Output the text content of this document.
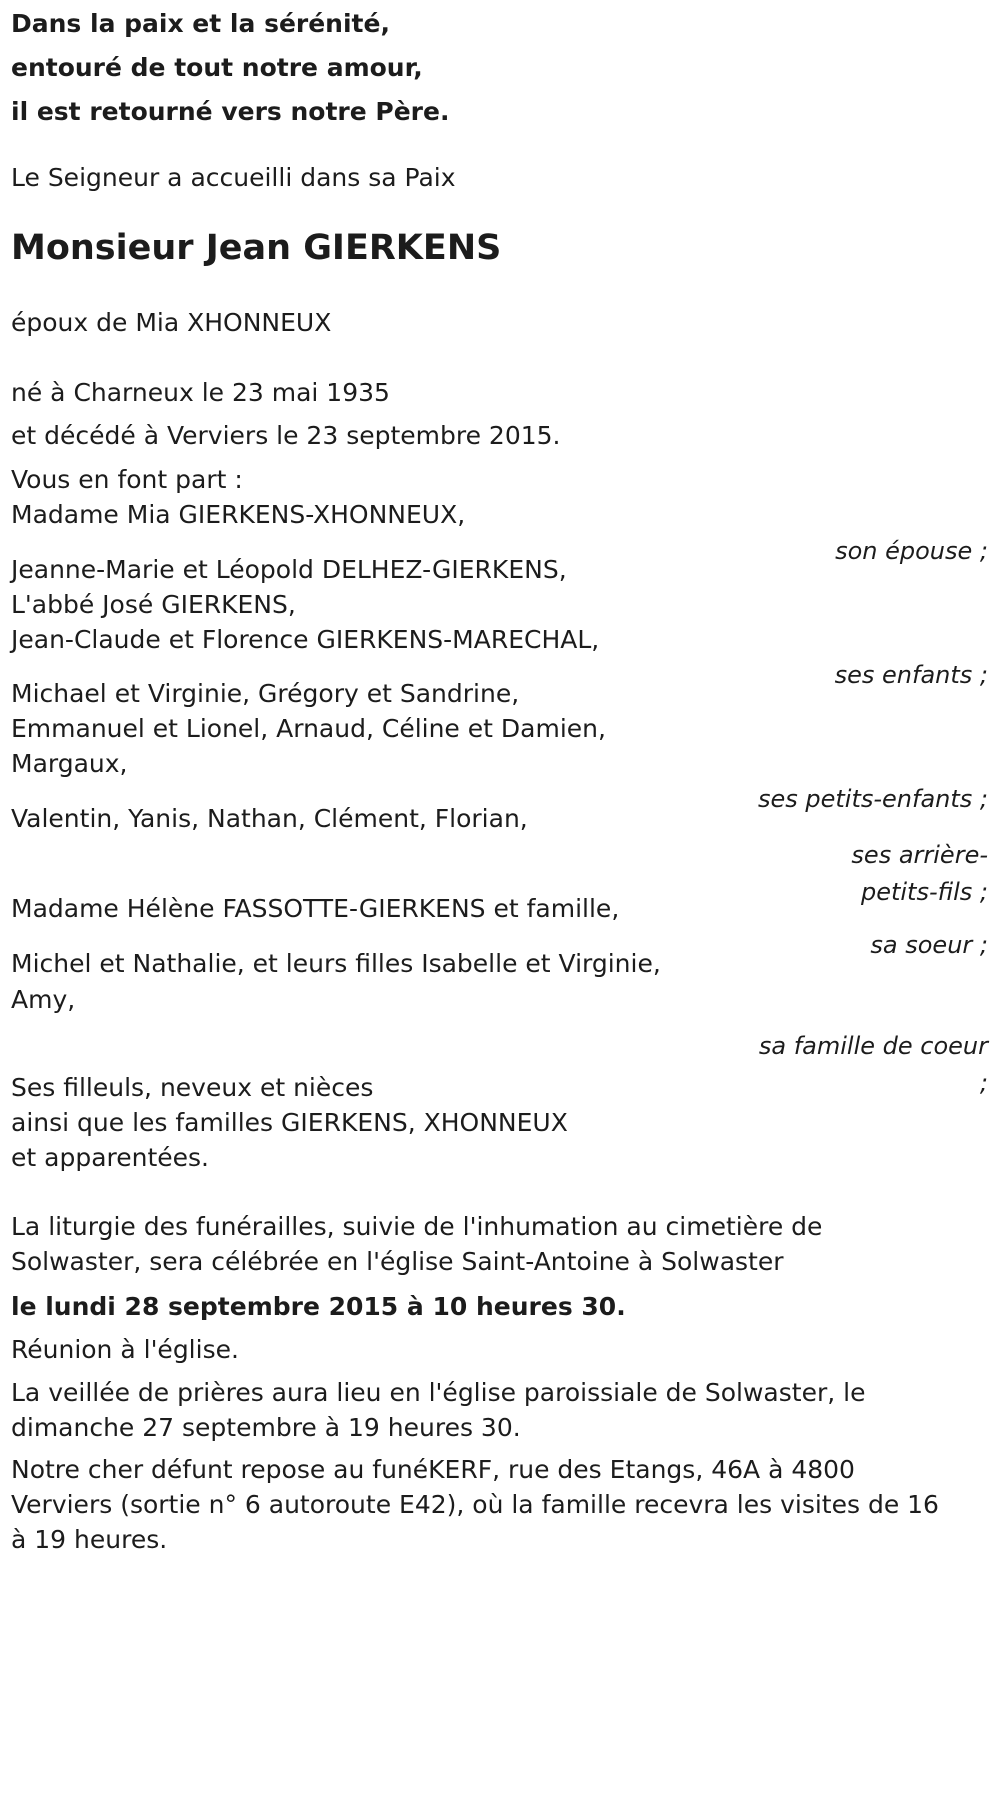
Dans la paix et la sérénité,
entouré de tout notre amour,
il est retourné vers notre Père.
Le Seigneur a accueilli dans sa Paix
Monsieur Jean GIERKENS
époux de Mia XHONNEUX
né à Charneux le 23 mai 1935
et décédé à Verviers le 23 septembre 2015.
Vous en font part :
Madame Mia GIERKENS-XHONNEUX,
son épouse ;
Jeanne-Marie et Léopold DELHEZ-GIERKENS,
L'abbé José GIERKENS,
Jean-Claude et Florence GIERKENS-MARECHAL,
ses enfants ;
Michael et Virginie, Grégory et Sandrine,
Emmanuel et Lionel, Arnaud, Céline et Damien,
Margaux,
ses petits-enfants ;
Valentin, Yanis, Nathan, Clément, Florian,
ses arrière-
petits-fils ;
Madame Hélène FASSOTTE-GIERKENS et famille,
sa soeur ;
Michel et Nathalie, et leurs filles Isabelle et Virginie,
Amy,
sa famille de coeur
;
Ses filleuls, neveux et nièces
ainsi que les familles GIERKENS, XHONNEUX
et apparentées.
La liturgie des funérailles, suivie de l'inhumation au cimetière de
Solwaster, sera célébrée en l'église Saint-Antoine à Solwaster
le lundi 28 septembre 2015 à 10 heures 30.
Réunion à l'église.
La veillée de prières aura lieu en l'église paroissiale de Solwaster, le
dimanche 27 septembre à 19 heures 30.
Notre cher défunt repose au funéKERF, rue des Etangs, 46A à 4800
Verviers (sortie n° 6 autoroute E42), où la famille recevra les visites de 16
à 19 heures.
